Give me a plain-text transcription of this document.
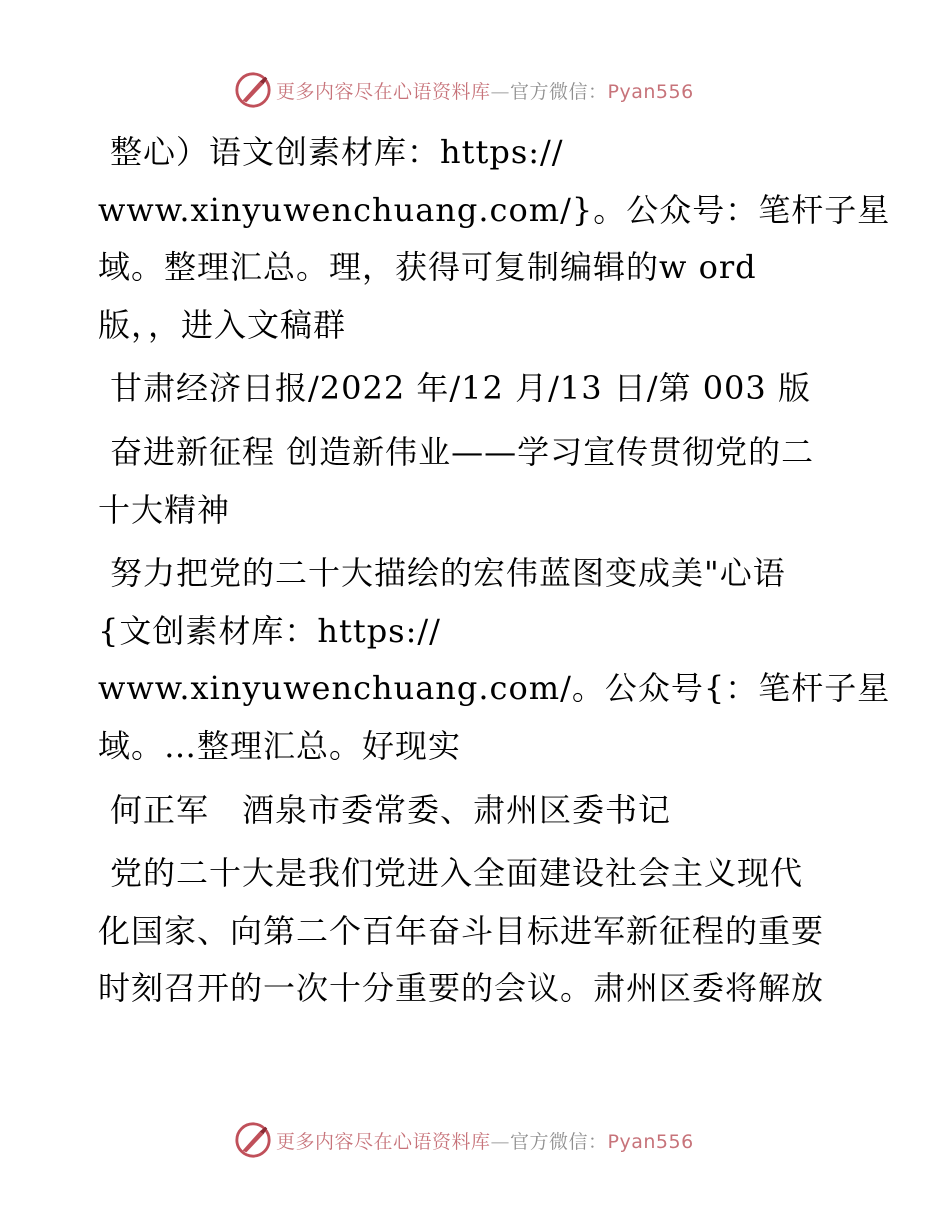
更多内容尽在心语资料库—官方微信：Pyan556

整心）语文创素材库：https://
www.xinyuwenchuang.com/}。公众号：笔杆子星
域。整理汇总。理，获得可复制编辑的w ord
版，，进入文稿群

甘肃经济日报/2022 年/12 月/13 日/第 003 版

奋进新征程 创造新伟业——学习宣传贯彻党的二
十大精神

努力把党的二十大描绘的宏伟蓝图变成美"心语
{文创素材库：https://
www.xinyuwenchuang.com/。公众号{：笔杆子星
域。…整理汇总。好现实

何正军　酒泉市委常委、肃州区委书记

党的二十大是我们党进入全面建设社会主义现代
化国家、向第二个百年奋斗目标进军新征程的重要
时刻召开的一次十分重要的会议。肃州区委将解放

更多内容尽在心语资料库—官方微信：Pyan556
